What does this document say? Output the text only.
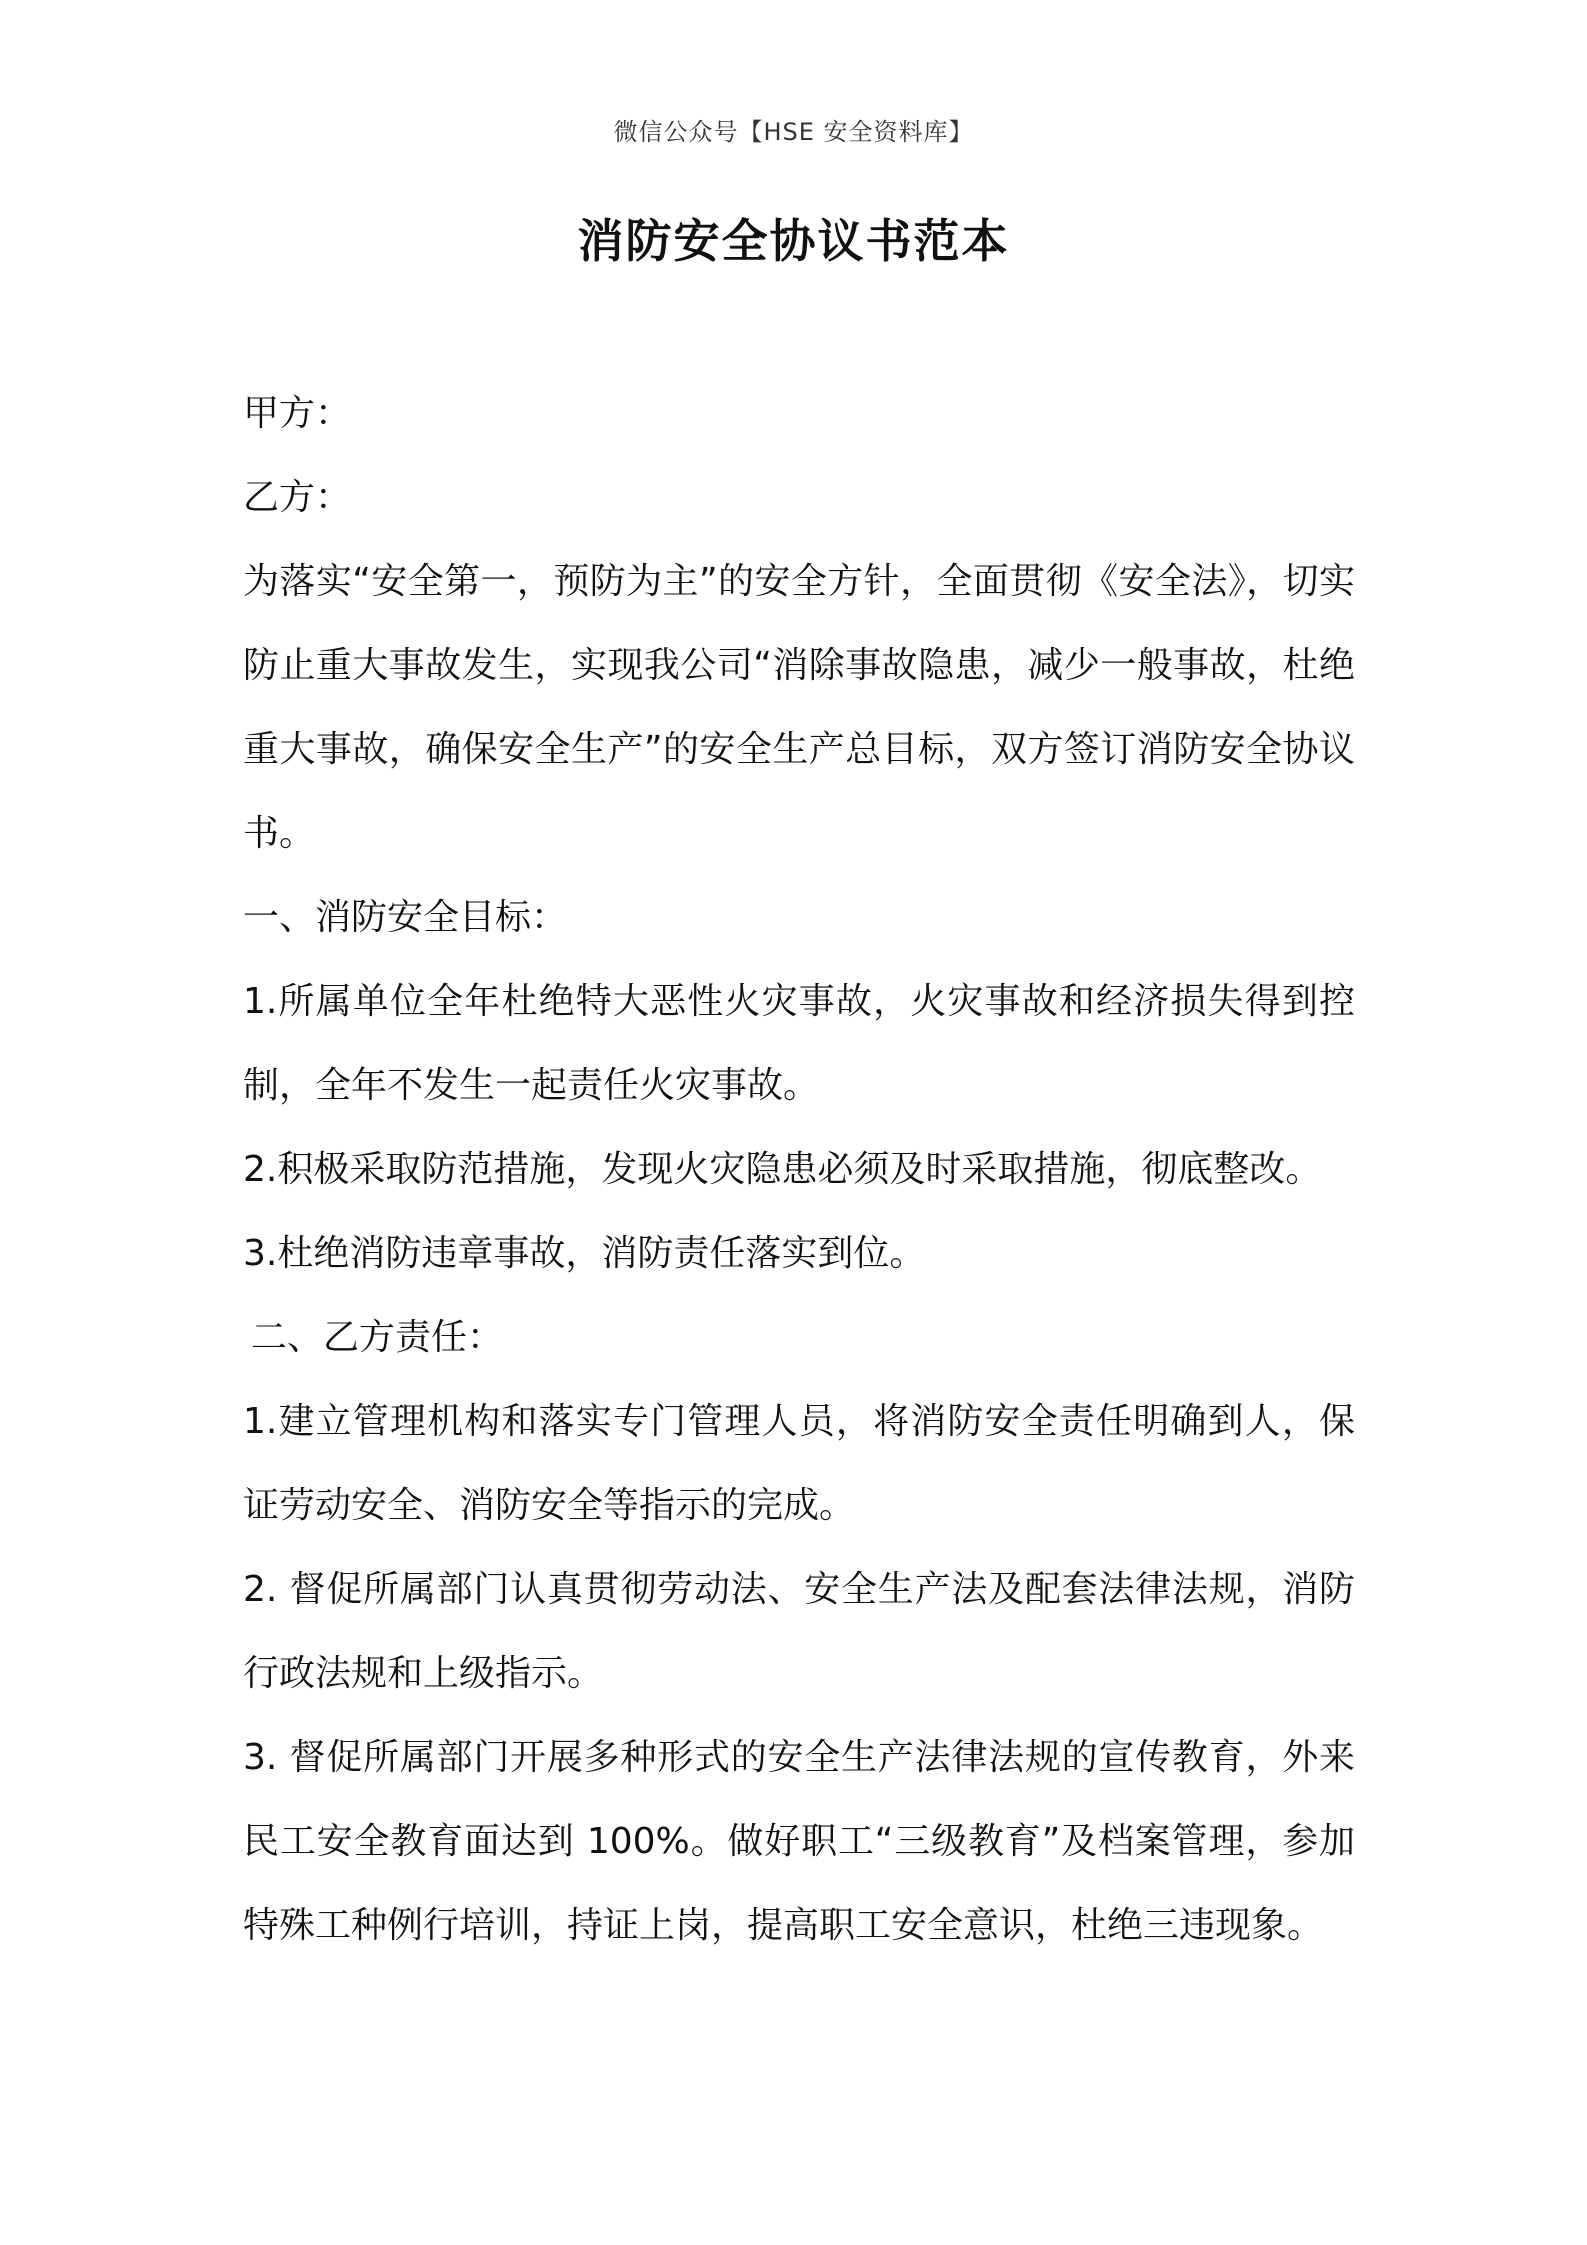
微信公众号【HSE 安全资料库】
消防安全协议书范本

甲方：

乙方：

为落实“安全第一，预防为主”的安全方针，全面贯彻《安全法》，切实防止重大事故发生，实现我公司“消除事故隐患，减少一般事故，杜绝重大事故，确保安全生产”的安全生产总目标，双方签订消防安全协议书。

一、消防安全目标：

1.所属单位全年杜绝特大恶性火灾事故，火灾事故和经济损失得到控制，全年不发生一起责任火灾事故。

2.积极采取防范措施，发现火灾隐患必须及时采取措施，彻底整改。

3.杜绝消防违章事故，消防责任落实到位。

二、乙方责任：

1.建立管理机构和落实专门管理人员，将消防安全责任明确到人，保证劳动安全、消防安全等指示的完成。

2. 督促所属部门认真贯彻劳动法、安全生产法及配套法律法规，消防行政法规和上级指示。

3. 督促所属部门开展多种形式的安全生产法律法规的宣传教育，外来民工安全教育面达到 100%。做好职工“三级教育”及档案管理，参加特殊工种例行培训，持证上岗，提高职工安全意识，杜绝三违现象。
